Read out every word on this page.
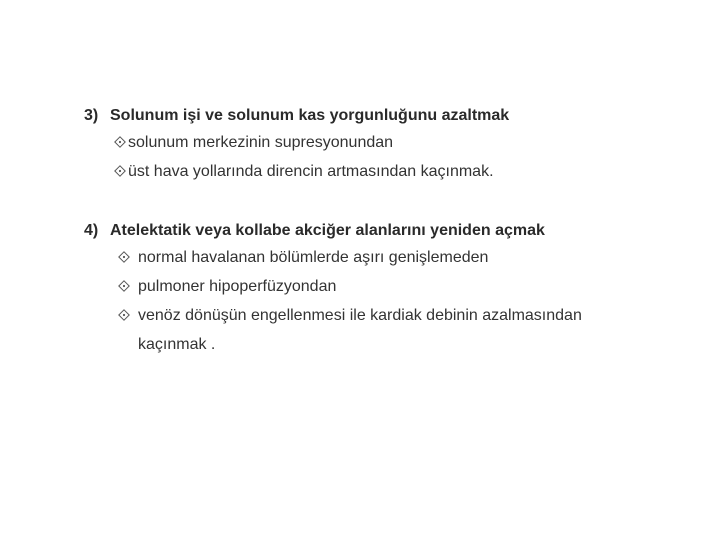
3) Solunum işi ve solunum kas yorgunluğunu azaltmak
solunum merkezinin supresyonundan
üst hava yollarında direncin artmasından kaçınmak.
4) Atelektatik veya kollabe akciğer alanlarını yeniden açmak
normal havalanan bölümlerde aşırı genişlemeden
pulmoner hipoperfüzyondan
venöz dönüşün engellenmesi ile kardiak debinin azalmasından
kaçınmak .
